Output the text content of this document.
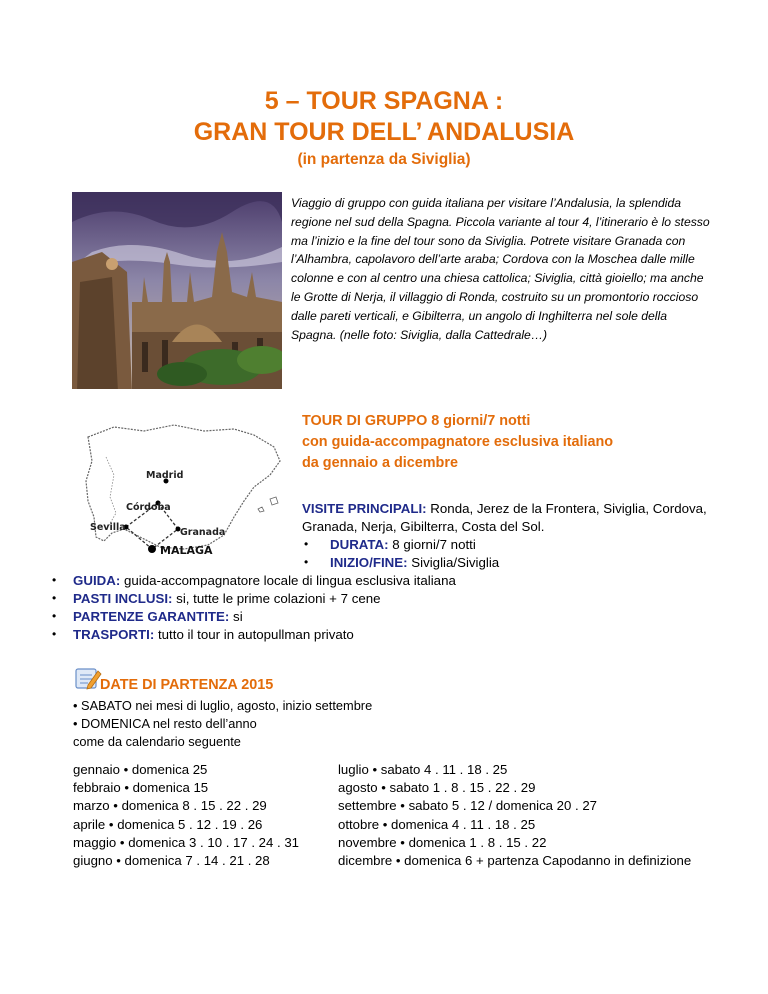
5 – TOUR SPAGNA :
GRAN TOUR DELL’ ANDALUSIA
(in partenza da Siviglia)
Viaggio di gruppo con guida italiana per visitare l’Andalusia, la splendida regione nel sud della Spagna. Piccola variante al tour 4, l’itinerario è lo stesso ma l’inizio e la fine del tour sono da Siviglia. Potrete visitare Granada con l’Alhambra, capolavoro dell’arte araba; Cordova con la Moschea dalle mille colonne e con al centro una chiesa cattolica; Siviglia, città gioiello; ma anche le Grotte di Nerja, il villaggio di Ronda, costruito su un promontorio roccioso dalle pareti verticali, e Gibilterra, un angolo di Inghilterra nel sole della Spagna. (nelle foto: Siviglia, dalla Cattedrale…)
Madrid
Córdoba
Sevilla	Granada
MALAGA
TOUR DI GRUPPO 8 giorni/7 notti
con guida-accompagnatore esclusiva italiano
da gennaio a dicembre
VISITE PRINCIPALI: Ronda, Jerez de la Frontera, Siviglia, Cordova,
Granada, Nerja, Gibilterra, Costa del Sol.
• DURATA: 8 giorni/7 notti
• INIZIO/FINE: Siviglia/Siviglia
• GUIDA: guida-accompagnatore locale di lingua esclusiva italiana
• PASTI INCLUSI: si, tutte le prime colazioni + 7 cene
• PARTENZE GARANTITE: si
• TRASPORTI: tutto il tour in autopullman privato
DATE DI PARTENZA 2015
• SABATO nei mesi di luglio, agosto, inizio settembre
• DOMENICA nel resto dell’anno
come da calendario seguente
gennaio • domenica 25
febbraio • domenica 15
marzo • domenica 8 . 15 . 22 . 29
aprile • domenica 5 . 12 . 19 . 26
maggio • domenica 3 . 10 . 17 . 24 . 31
giugno • domenica 7 . 14 . 21 . 28
luglio • sabato 4 . 11 . 18 . 25
agosto • sabato 1 . 8 . 15 . 22 . 29
settembre • sabato 5 . 12 / domenica 20 . 27
ottobre • domenica 4 . 11 . 18 . 25
novembre • domenica 1 . 8 . 15 . 22
dicembre • domenica 6 + partenza Capodanno in definizione
